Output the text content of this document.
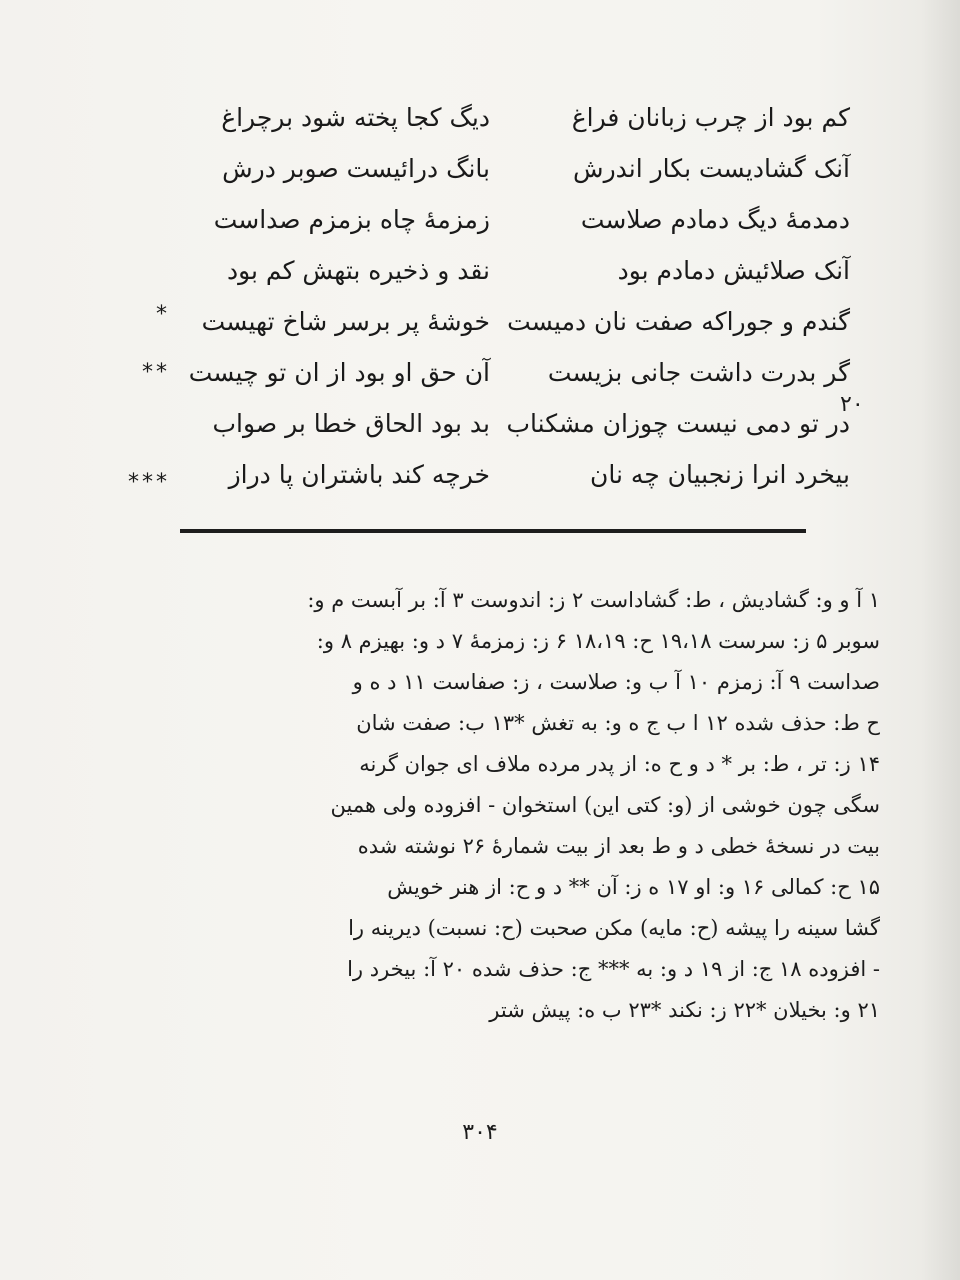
کم بود از چرب زبانان فراغ
آنک گشادیست بکار اندرش
دمدمهٔ دیگ دمادم صلاست
آنک صلائیش دمادم بود
گندم و جوراکه صفت نان دمیست
گر بدرت داشت جانی بزیست
در تو دمی نیست چوزان مشکناب
بیخرد انرا زنجبیان چه نان
دیگ کجا پخته شود برچراغ
بانگ درائیست صوبر درش
زمزمهٔ چاه بزمزم صداست
نقد و ذخیره بتهش کم بود
خوشهٔ پر برسر شاخ تهیست
آن حق او بود از ان تو چیست
بد بود الحاق خطا بر صواب
خرچه کند باشتران پا دراز
۲۰
*
**
***
۱ آ و و: گشادیش ، ط: گشاداست ۲ ز: اندوست ۳ آ: بر آبست م و:
سوبر ۵ ز: سرست ۱۹،۱۸ ح: ۱۸،۱۹ ۶ ز: زمزمهٔ ۷ د و: بهیزم ۸ و:
صداست ۹ آ: زمزم ۱۰ آ ب و: صلاست ، ز: صفاست ۱۱ د ه و
ح ط: حذف شده ۱۲ ا ب ج ه و: به تغش *۱۳ ب: صفت شان
۱۴ ز: تر ، ط: بر * د و ح ه: از پدر مرده ملاف ای جوان گرنه
سگی چون خوشی از (و: کتی این) استخوان - افزوده ولی همین
بیت در نسخهٔ خطی د و ط بعد از بیت شمارهٔ ۲۶ نوشته شده
۱۵ ح: کمالی ۱۶ و: او ۱۷ ه ز: آن ** د و ح: از هنر خویش
گشا سینه را پیشه (ح: مایه) مکن صحبت (ح: نسبت) دیرینه را
- افزوده ۱۸ ج: از ۱۹ د و: به *** ج: حذف شده ۲۰ آ: بیخرد را
۲۱ و: بخیلان *۲۲ ز: نکند *۲۳ ب ه: پیش شتر
۳۰۴
